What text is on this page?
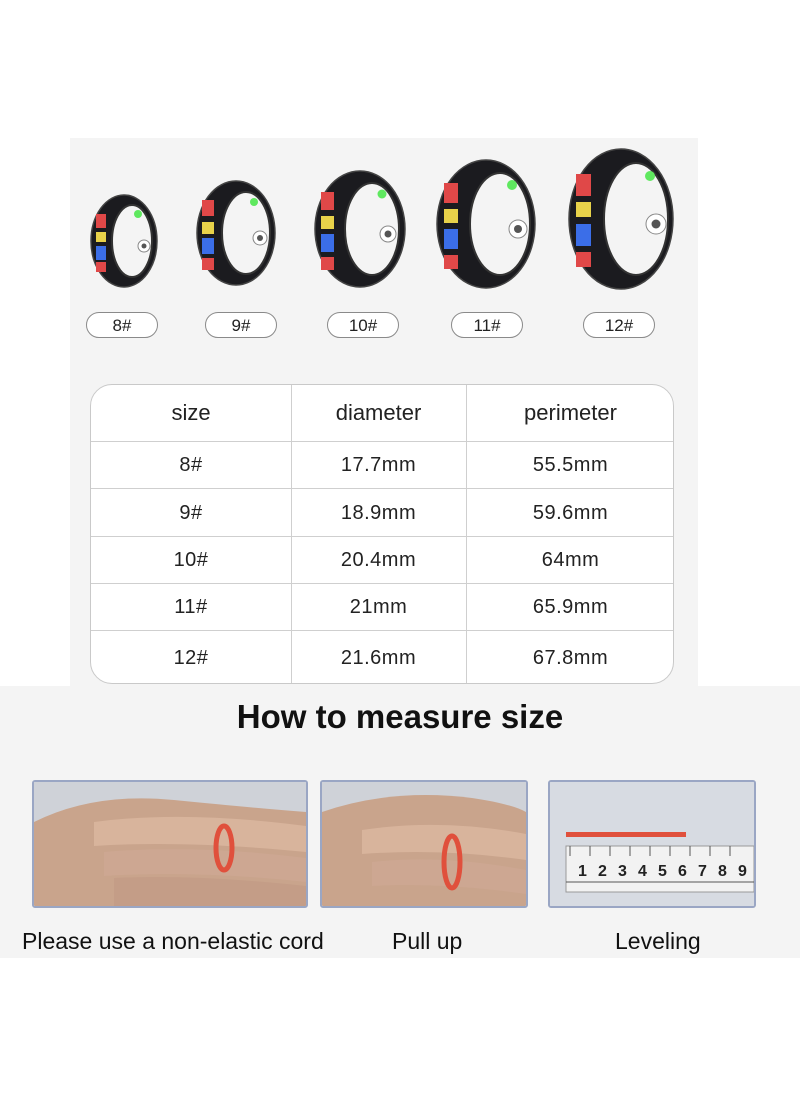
8#	9#	10#	11#	12#
size	diameter	perimeter
8#	17.7mm	55.5mm
9#	18.9mm	59.6mm
10#	20.4mm	64mm
11#	21mm	65.9mm
12#	21.6mm	67.8mm
How to measure size
1 2 3 4 5 6 7 8 9
Please use a non-elastic cord	Pull up	Leveling
